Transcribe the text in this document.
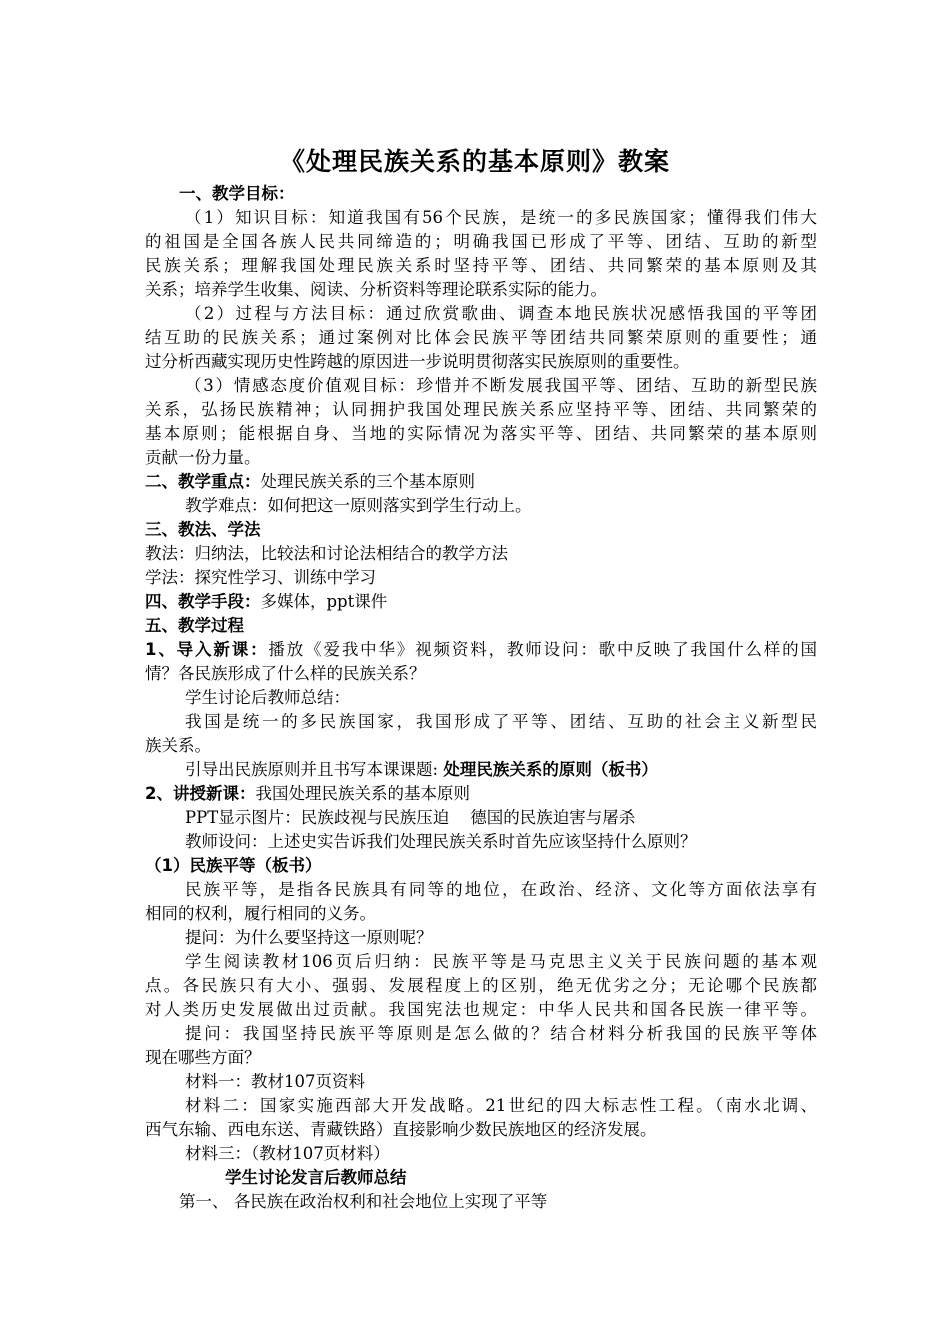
《处理民族关系的基本原则》教案
一、教学目标：
（1）知识目标：知道我国有56个民族，是统一的多民族国家；懂得我们伟大
的祖国是全国各族人民共同缔造的；明确我国已形成了平等、团结、互助的新型
民族关系；理解我国处理民族关系时坚持平等、团结、共同繁荣的基本原则及其
关系；培养学生收集、阅读、分析资料等理论联系实际的能力。
（2）过程与方法目标：通过欣赏歌曲、调查本地民族状况感悟我国的平等团
结互助的民族关系；通过案例对比体会民族平等团结共同繁荣原则的重要性；通
过分析西藏实现历史性跨越的原因进一步说明贯彻落实民族原则的重要性。
（3）情感态度价值观目标：珍惜并不断发展我国平等、团结、互助的新型民族
关系，弘扬民族精神；认同拥护我国处理民族关系应坚持平等、团结、共同繁荣的
基本原则；能根据自身、当地的实际情况为落实平等、团结、共同繁荣的基本原则
贡献一份力量。
二、教学重点：处理民族关系的三个基本原则
教学难点：如何把这一原则落实到学生行动上。
三、教法、学法
教法：归纳法，比较法和讨论法相结合的教学方法
学法：探究性学习、训练中学习
四、教学手段：多媒体，ppt课件
五、教学过程
1、导入新课：播放《爱我中华》视频资料，教师设问：歌中反映了我国什么样的国
情？各民族形成了什么样的民族关系？
学生讨论后教师总结：
我国是统一的多民族国家，我国形成了平等、团结、互助的社会主义新型民
族关系。
引导出民族原则并且书写本课课题: 处理民族关系的原则（板书）
2、讲授新课：我国处理民族关系的基本原则
PPT显示图片：民族歧视与民族压迫    德国的民族迫害与屠杀
教师设问：上述史实告诉我们处理民族关系时首先应该坚持什么原则？
（1）民族平等（板书）
民族平等，是指各民族具有同等的地位，在政治、经济、文化等方面依法享有
相同的权利，履行相同的义务。
提问：为什么要坚持这一原则呢？
学生阅读教材106页后归纳：民族平等是马克思主义关于民族问题的基本观
点。各民族只有大小、强弱、发展程度上的区别，绝无优劣之分；无论哪个民族都
对人类历史发展做出过贡献。我国宪法也规定：中华人民共和国各民族一律平等。
提问：我国坚持民族平等原则是怎么做的？结合材料分析我国的民族平等体
现在哪些方面？
材料一：教材107页资料
材料二：国家实施西部大开发战略。21世纪的四大标志性工程。（南水北调、
西气东输、西电东送、青藏铁路）直接影响少数民族地区的经济发展。
材料三：（教材107页材料）
学生讨论发言后教师总结
第一、 各民族在政治权利和社会地位上实现了平等
